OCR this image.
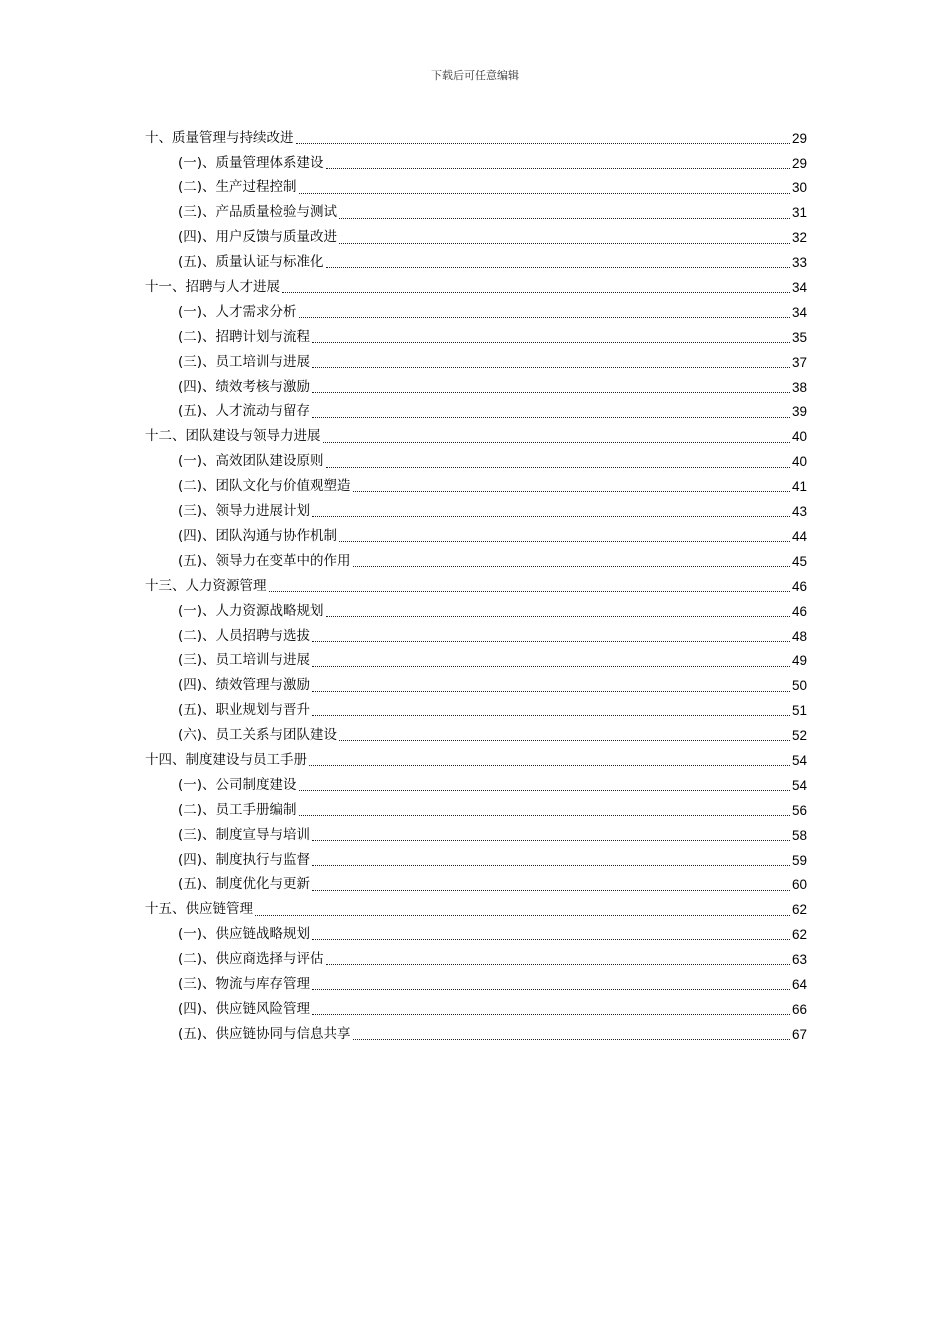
下载后可任意编辑
十、质量管理与持续改进	29
(一)、质量管理体系建设	29
(二)、生产过程控制	30
(三)、产品质量检验与测试	31
(四)、用户反馈与质量改进	32
(五)、质量认证与标准化	33
十一、招聘与人才进展	34
(一)、人才需求分析	34
(二)、招聘计划与流程	35
(三)、员工培训与进展	37
(四)、绩效考核与激励	38
(五)、人才流动与留存	39
十二、团队建设与领导力进展	40
(一)、高效团队建设原则	40
(二)、团队文化与价值观塑造	41
(三)、领导力进展计划	43
(四)、团队沟通与协作机制	44
(五)、领导力在变革中的作用	45
十三、人力资源管理	46
(一)、人力资源战略规划	46
(二)、人员招聘与选拔	48
(三)、员工培训与进展	49
(四)、绩效管理与激励	50
(五)、职业规划与晋升	51
(六)、员工关系与团队建设	52
十四、制度建设与员工手册	54
(一)、公司制度建设	54
(二)、员工手册编制	56
(三)、制度宣导与培训	58
(四)、制度执行与监督	59
(五)、制度优化与更新	60
十五、供应链管理	62
(一)、供应链战略规划	62
(二)、供应商选择与评估	63
(三)、物流与库存管理	64
(四)、供应链风险管理	66
(五)、供应链协同与信息共享	67
